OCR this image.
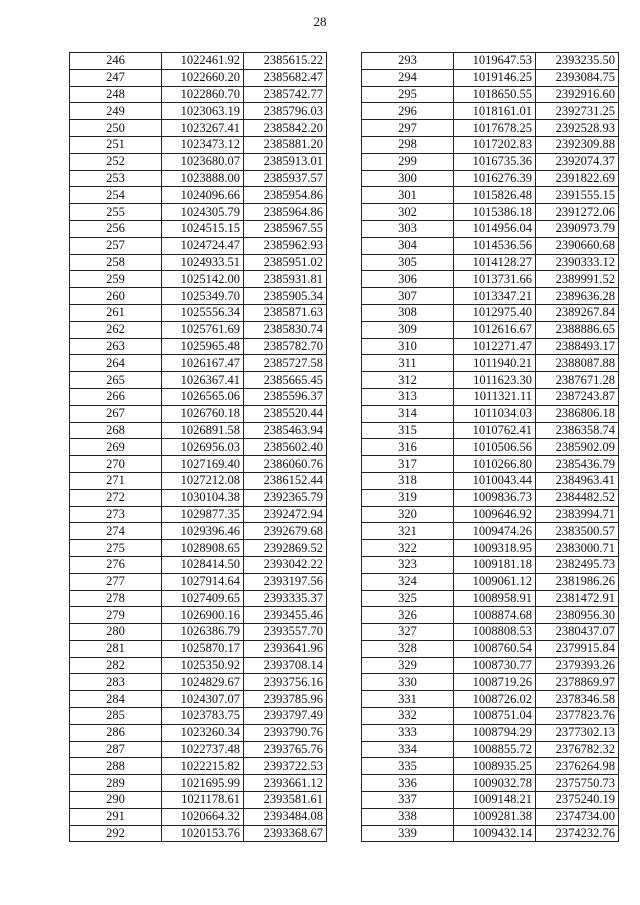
28
246	1022461.92	2385615.22
247	1022660.20	2385682.47
248	1022860.70	2385742.77
249	1023063.19	2385796.03
250	1023267.41	2385842.20
251	1023473.12	2385881.20
252	1023680.07	2385913.01
253	1023888.00	2385937.57
254	1024096.66	2385954.86
255	1024305.79	2385964.86
256	1024515.15	2385967.55
257	1024724.47	2385962.93
258	1024933.51	2385951.02
259	1025142.00	2385931.81
260	1025349.70	2385905.34
261	1025556.34	2385871.63
262	1025761.69	2385830.74
263	1025965.48	2385782.70
264	1026167.47	2385727.58
265	1026367.41	2385665.45
266	1026565.06	2385596.37
267	1026760.18	2385520.44
268	1026891.58	2385463.94
269	1026956.03	2385602.40
270	1027169.40	2386060.76
271	1027212.08	2386152.44
272	1030104.38	2392365.79
273	1029877.35	2392472.94
274	1029396.46	2392679.68
275	1028908.65	2392869.52
276	1028414.50	2393042.22
277	1027914.64	2393197.56
278	1027409.65	2393335.37
279	1026900.16	2393455.46
280	1026386.79	2393557.70
281	1025870.17	2393641.96
282	1025350.92	2393708.14
283	1024829.67	2393756.16
284	1024307.07	2393785.96
285	1023783.75	2393797.49
286	1023260.34	2393790.76
287	1022737.48	2393765.76
288	1022215.82	2393722.53
289	1021695.99	2393661.12
290	1021178.61	2393581.61
291	1020664.32	2393484.08
292	1020153.76	2393368.67
293	1019647.53	2393235.50
294	1019146.25	2393084.75
295	1018650.55	2392916.60
296	1018161.01	2392731.25
297	1017678.25	2392528.93
298	1017202.83	2392309.88
299	1016735.36	2392074.37
300	1016276.39	2391822.69
301	1015826.48	2391555.15
302	1015386.18	2391272.06
303	1014956.04	2390973.79
304	1014536.56	2390660.68
305	1014128.27	2390333.12
306	1013731.66	2389991.52
307	1013347.21	2389636.28
308	1012975.40	2389267.84
309	1012616.67	2388886.65
310	1012271.47	2388493.17
311	1011940.21	2388087.88
312	1011623.30	2387671.28
313	1011321.11	2387243.87
314	1011034.03	2386806.18
315	1010762.41	2386358.74
316	1010506.56	2385902.09
317	1010266.80	2385436.79
318	1010043.44	2384963.41
319	1009836.73	2384482.52
320	1009646.92	2383994.71
321	1009474.26	2383500.57
322	1009318.95	2383000.71
323	1009181.18	2382495.73
324	1009061.12	2381986.26
325	1008958.91	2381472.91
326	1008874.68	2380956.30
327	1008808.53	2380437.07
328	1008760.54	2379915.84
329	1008730.77	2379393.26
330	1008719.26	2378869.97
331	1008726.02	2378346.58
332	1008751.04	2377823.76
333	1008794.29	2377302.13
334	1008855.72	2376782.32
335	1008935.25	2376264.98
336	1009032.78	2375750.73
337	1009148.21	2375240.19
338	1009281.38	2374734.00
339	1009432.14	2374232.76
